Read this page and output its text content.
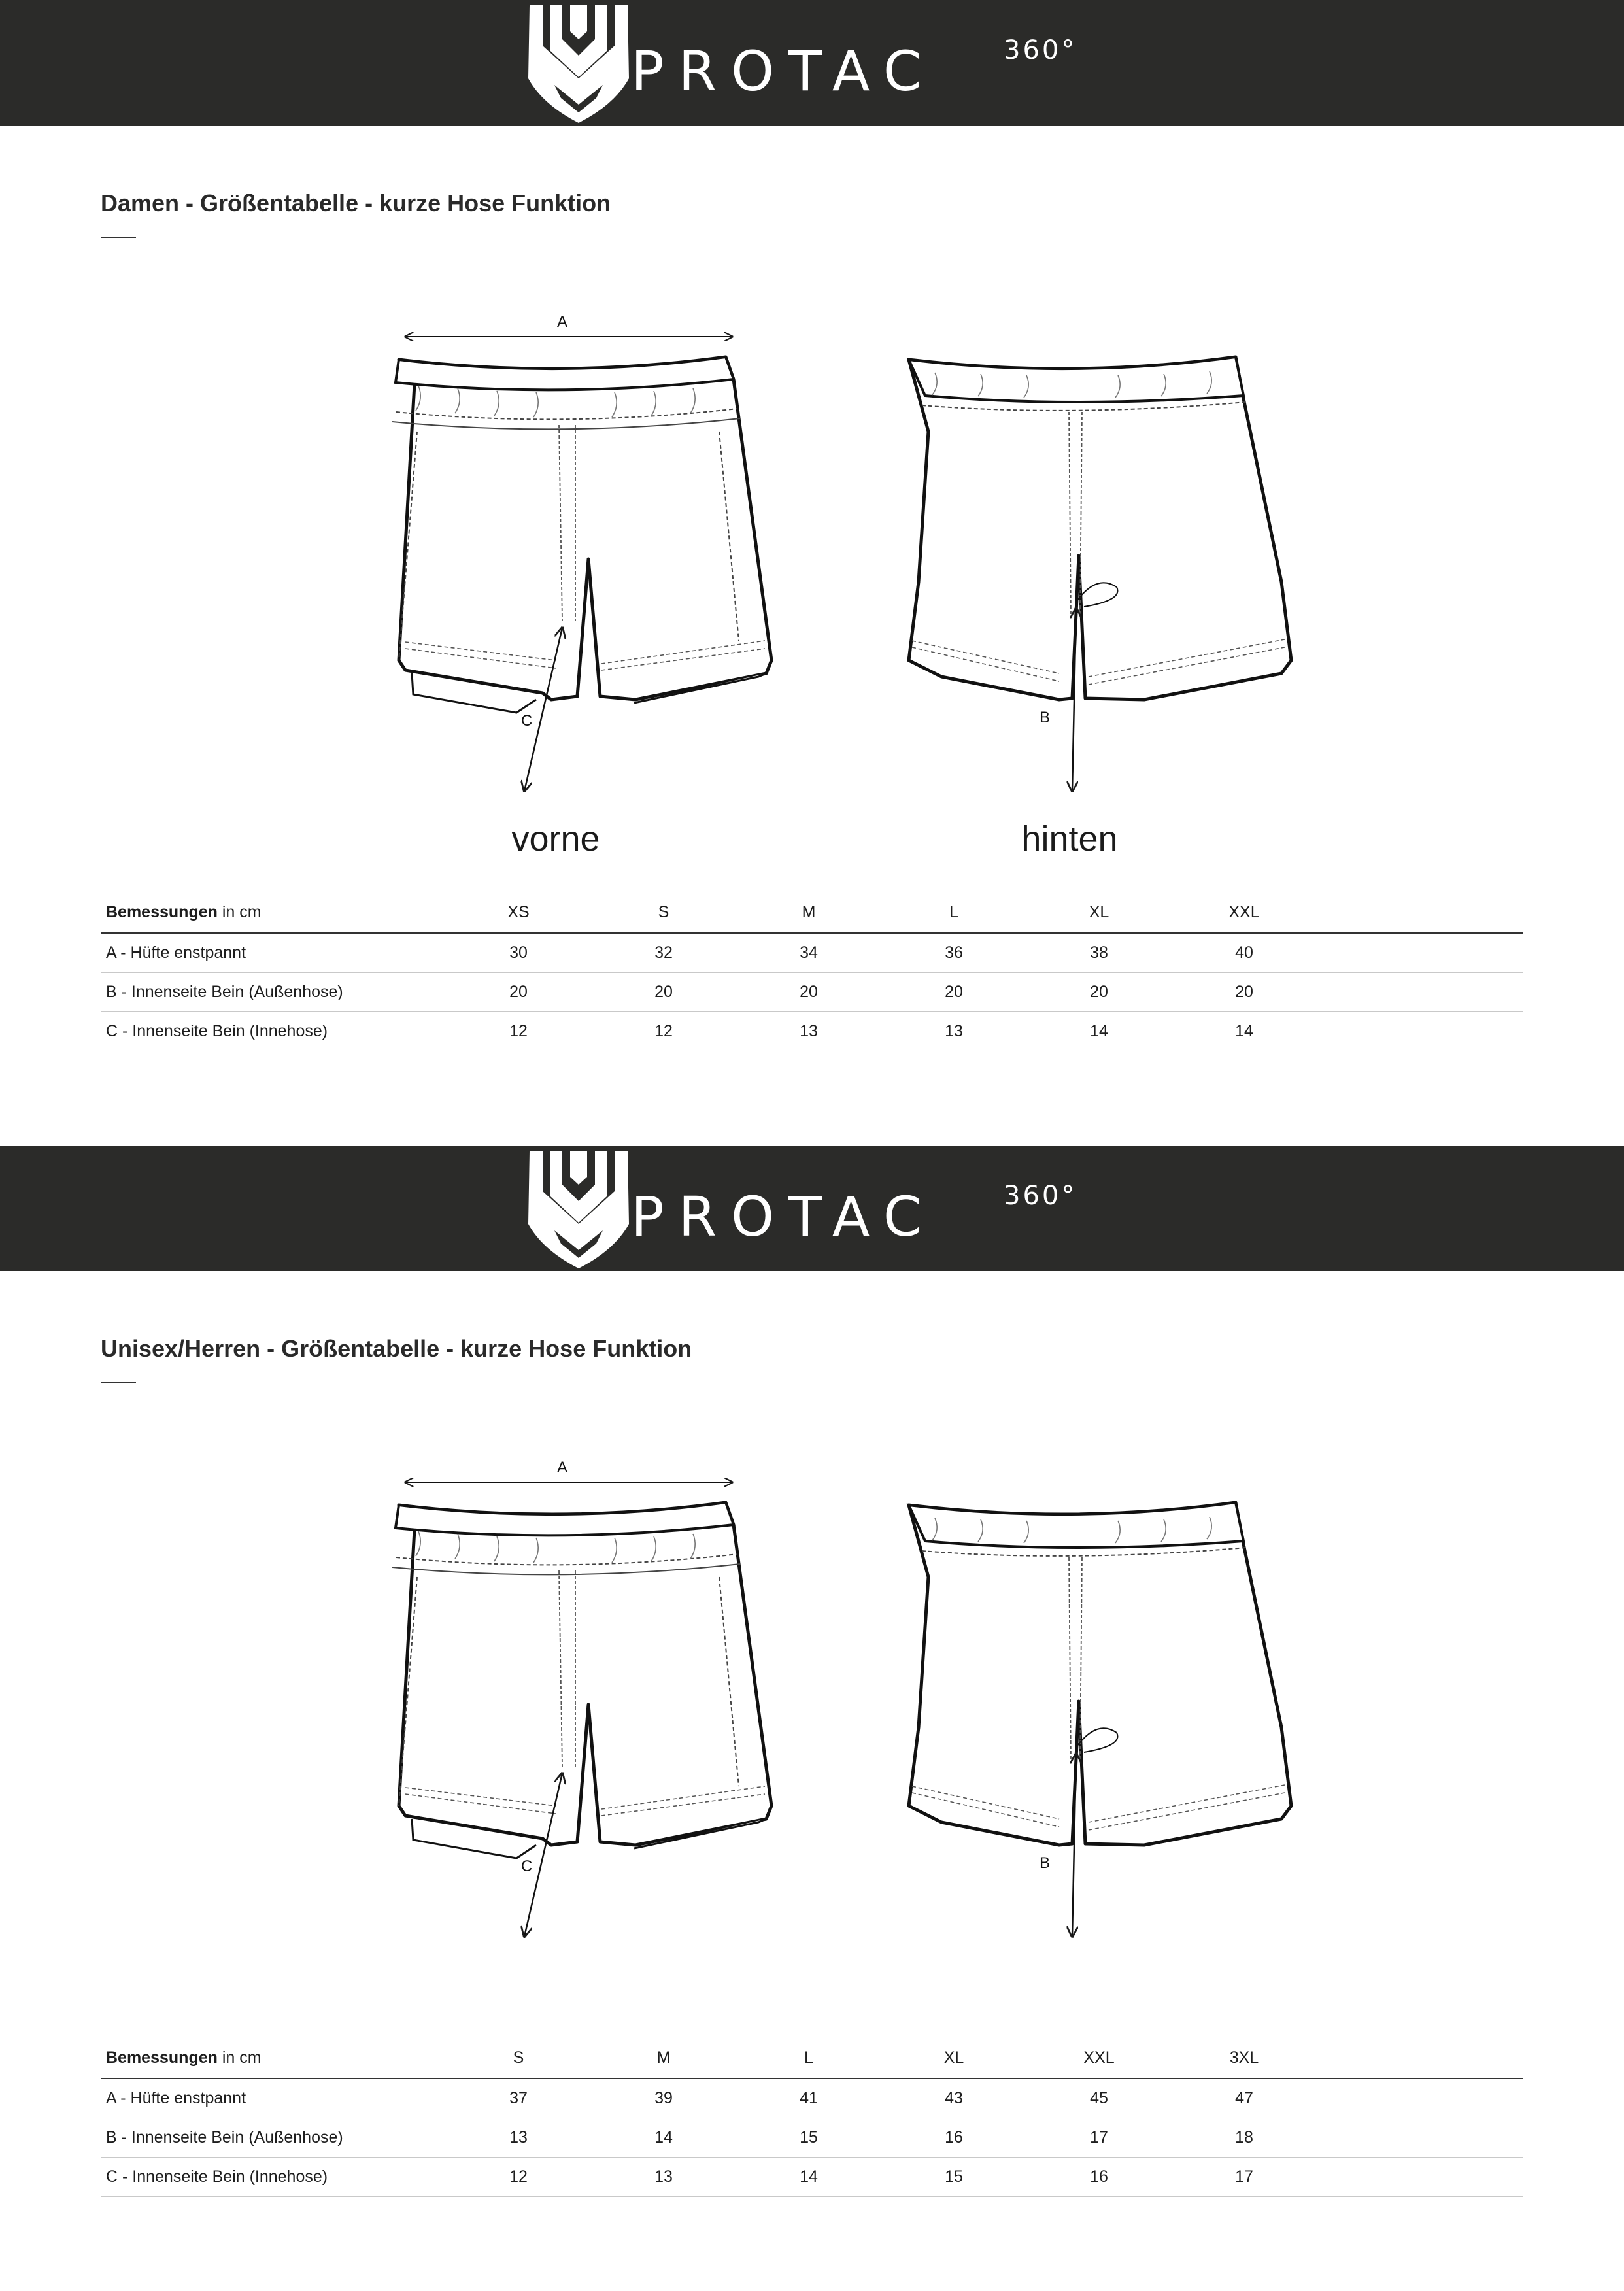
PROTAC	360°
Damen - Größentabelle - kurze Hose Funktion
A
C	B
vorne	hinten
Bemessungen in cm	XS	S	M	L	XL	XXL	
A - Hüfte enstpannt	30	32	34	36	38	40	
B - Innenseite Bein (Außenhose)	20	20	20	20	20	20	
C - Innenseite Bein (Innehose)	12	12	13	13	14	14	
PROTAC	360°
Unisex/Herren - Größentabelle - kurze Hose Funktion
A
C	B
Bemessungen in cm	S	M	L	XL	XXL	3XL	
A - Hüfte enstpannt	37	39	41	43	45	47	
B - Innenseite Bein (Außenhose)	13	14	15	16	17	18	
C - Innenseite Bein (Innehose)	12	13	14	15	16	17	
